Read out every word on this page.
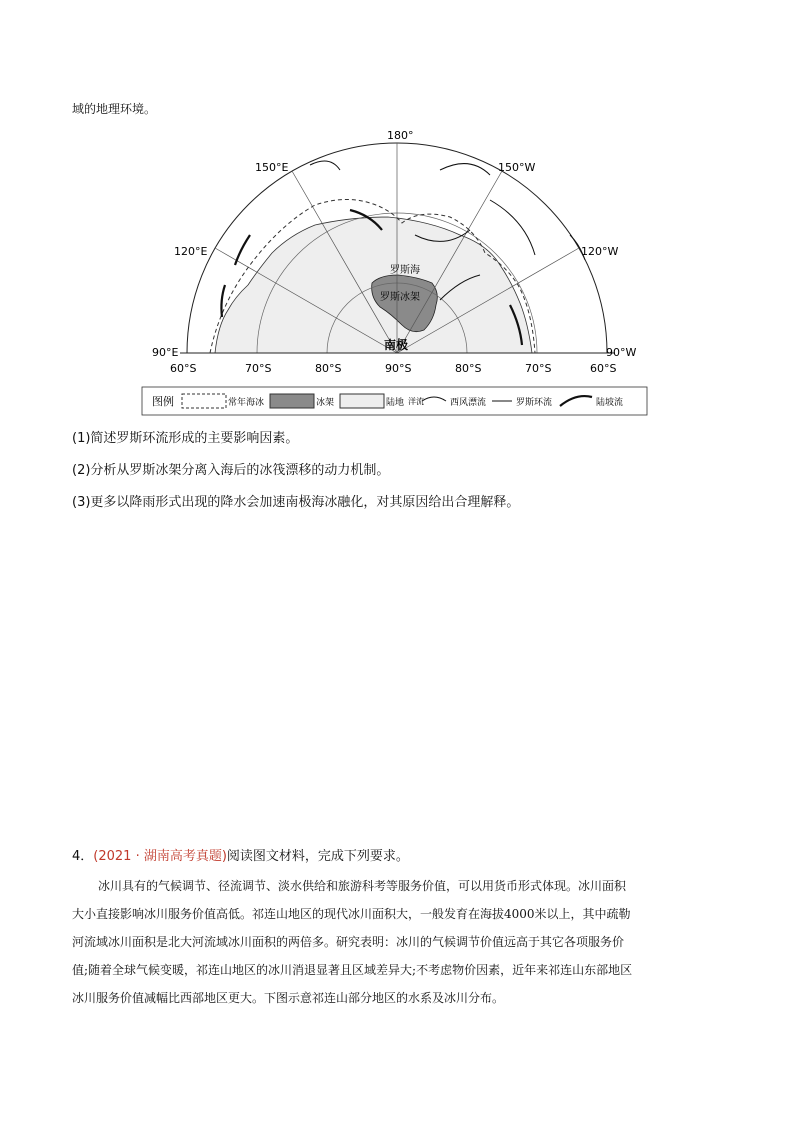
域的地理环境。
180°
150°E	150°W
120°E	120°W
90°E	90°W
60°S	70°S	80°S	90°S	80°S	70°S	60°S
南极
罗斯海
罗斯冰架
图例	常年海冰	冰架	陆地 洋流	西风漂流	罗斯环流	陆坡流
(1)简述罗斯环流形成的主要影响因素。
(2)分析从罗斯冰架分离入海后的冰筏漂移的动力机制。
(3)更多以降雨形式出现的降水会加速南极海冰融化，对其原因给出合理解释。
4．(2021 · 湖南高考真题)阅读图文材料，完成下列要求。

冰川具有的气候调节、径流调节、淡水供给和旅游科考等服务价值，可以用货币形式体现。冰川面积

大小直接影响冰川服务价值高低。祁连山地区的现代冰川面积大，一般发育在海拔4000米以上，其中疏勒

河流域冰川面积是北大河流域冰川面积的两倍多。研究表明：冰川的气候调节价值远高于其它各项服务价

值;随着全球气候变暖，祁连山地区的冰川消退显著且区域差异大;不考虑物价因素，近年来祁连山东部地区

冰川服务价值减幅比西部地区更大。下图示意祁连山部分地区的水系及冰川分布。
